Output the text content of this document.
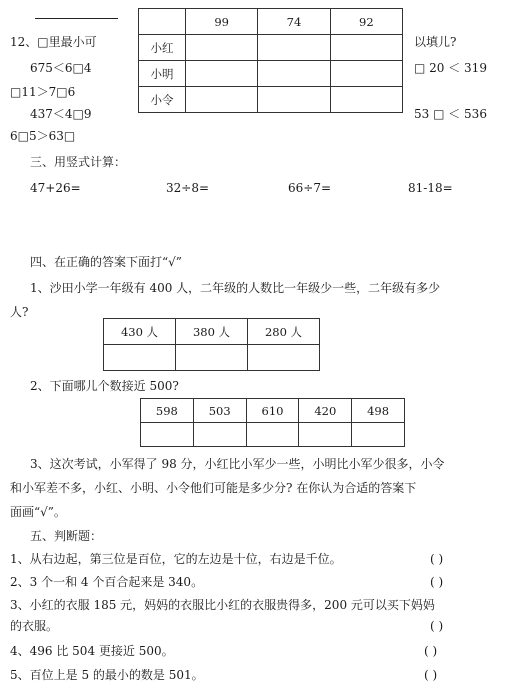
12、□里最小可
675＜6□4
□11＞7□6
437＜4□9
6□5＞63□
	99	74	92
小红			
小明			
小令			
以填儿?
□ 20 ＜ 319
53 □ ＜ 536
三、用竖式计算：
47+26=	32÷8=	66÷7=	81-18=
四、在正确的答案下面打“√”
1、沙田小学一年级有 400 人，二年级的人数比一年级少一些，二年级有多少
人?
430 人	380 人	280 人

2、下面哪儿个数接近 500?
598	503	610	420	498

3、这次考试，小军得了 98 分，小红比小军少一些，小明比小军少很多，小令
和小军差不多，小红、小明、小令他们可能是多少分? 在你认为合适的答案下
面画“√”。
五、判断题：
1、从右边起，第三位是百位，它的左边是十位，右边是千位。	( )
2、3 个一和 4 个百合起来是 340。	( )
3、小红的衣服 185 元，妈妈的衣服比小红的衣服贵得多，200 元可以买下妈妈
的衣服。	( )
4、496 比 504 更接近 500。	( )
5、百位上是 5 的最小的数是 501。	( )
